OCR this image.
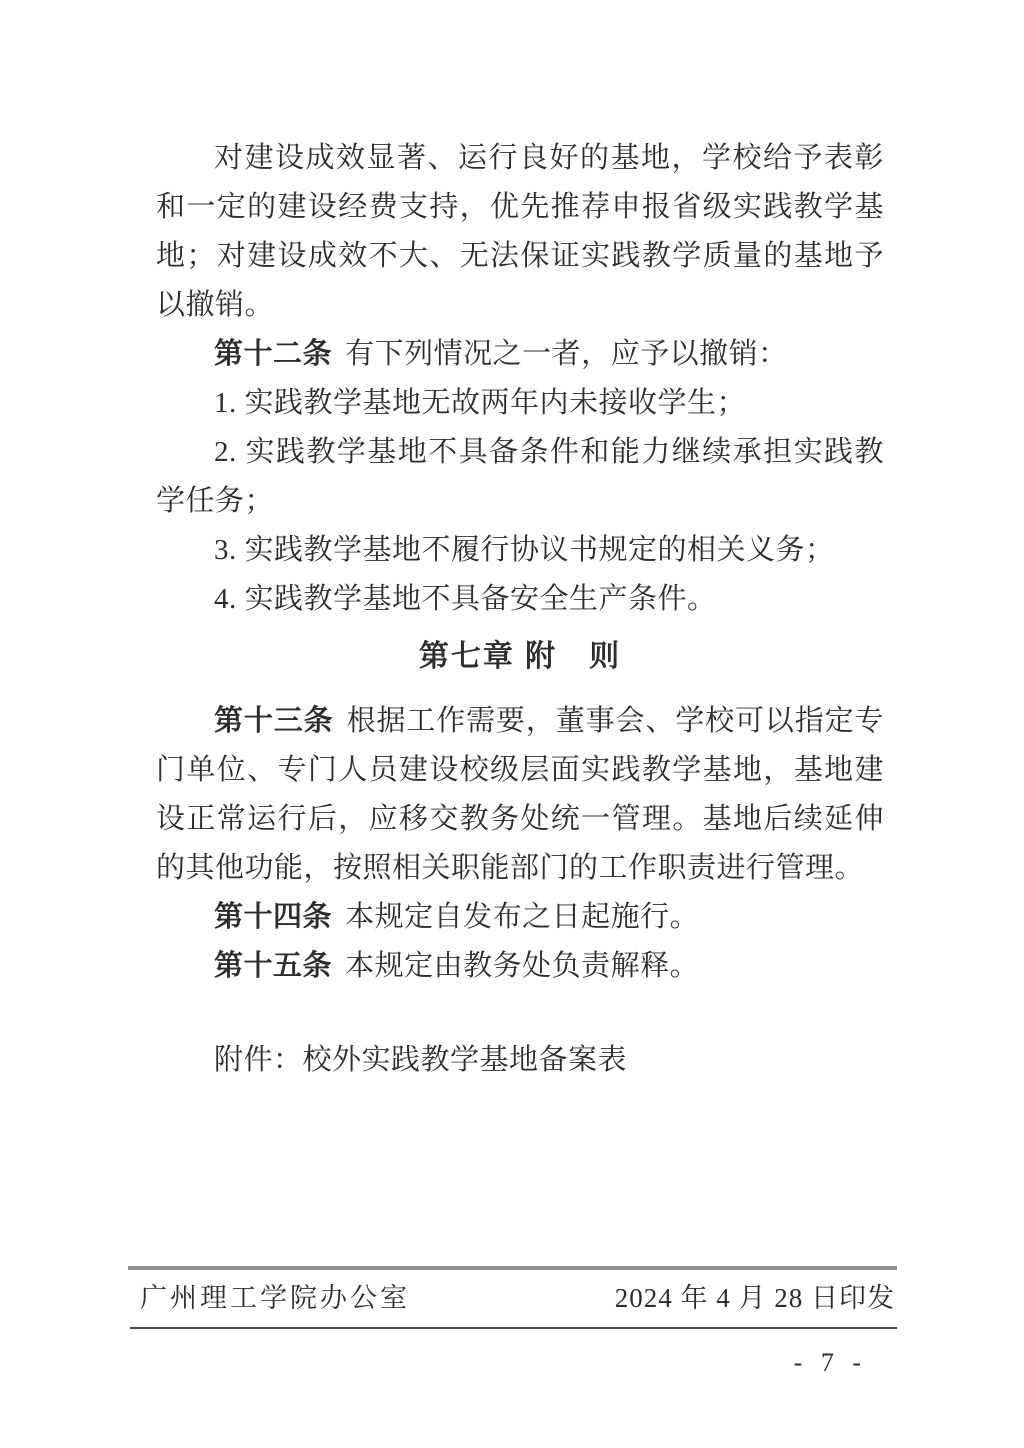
对建设成效显著、运行良好的基地，学校给予表彰和一定的建设经费支持，优先推荐申报省级实践教学基地；对建设成效不大、无法保证实践教学质量的基地予以撤销。

第十二条 有下列情况之一者，应予以撤销：

1. 实践教学基地无故两年内未接收学生；

2. 实践教学基地不具备条件和能力继续承担实践教学任务；

3. 实践教学基地不履行协议书规定的相关义务；

4. 实践教学基地不具备安全生产条件。

第七章 附　则

第十三条 根据工作需要，董事会、学校可以指定专门单位、专门人员建设校级层面实践教学基地，基地建设正常运行后，应移交教务处统一管理。基地后续延伸的其他功能，按照相关职能部门的工作职责进行管理。

第十四条 本规定自发布之日起施行。

第十五条 本规定由教务处负责解释。

附件：校外实践教学基地备案表

广州理工学院办公室	2024 年 4 月 28 日印发
- 7 -
